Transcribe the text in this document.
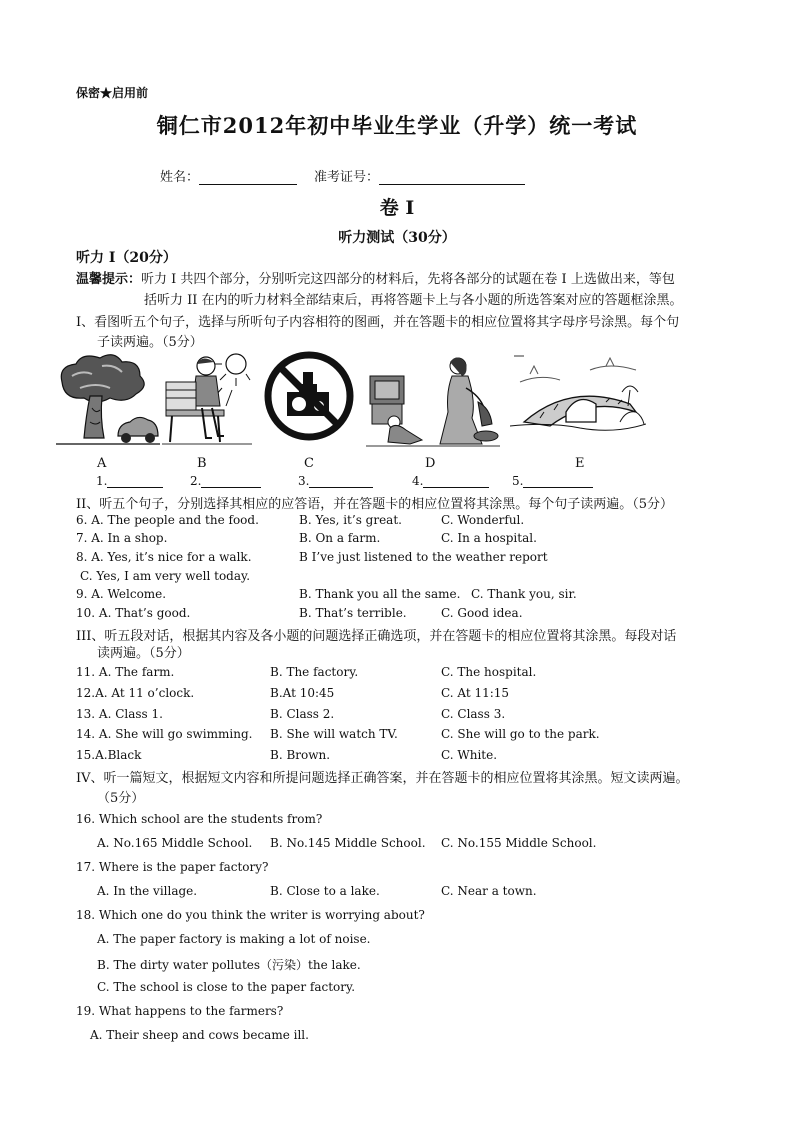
保密★启用前
铜仁市2012年初中毕业生学业（升学）统一考试
姓名：	准考证号：
卷 I
听力测试（30分）
听力 I（20分）
温馨提示：听力 I 共四个部分，分别听完这四部分的材料后，先将各部分的试题在卷 I 上选做出来，等包
括听力 II 在内的听力材料全部结束后，再将答题卡上与各小题的所选答案对应的答题框涂黑。
I、看图听五个句子，选择与所听句子内容相符的图画，并在答题卡的相应位置将其字母序号涂黑。每个句
子读两遍。（5分）
A	B	C	D	E
1.	2.	3.	4.	5.
II、听五个句子，分别选择其相应的应答语，并在答题卡的相应位置将其涂黑。每个句子读两遍。（5分）
6. A. The people and the food.	B. Yes, it’s great.	C. Wonderful.
7. A. In a shop.	B. On a farm.	C. In a hospital.
8. A. Yes, it’s nice for a walk.	B I’ve just listened to the weather report
C. Yes, I am very well today.
9. A. Welcome.	B. Thank you all the same. C. Thank you, sir.
10. A. That’s good.	B. That’s terrible.	C. Good idea.
III、听五段对话，根据其内容及各小题的问题选择正确选项，并在答题卡的相应位置将其涂黑。每段对话
读两遍。（5分）
11. A. The farm.	B. The factory.	C. The hospital.
12.A. At 11 o’clock.	B.At 10:45	C. At 11:15
13. A. Class 1.	B. Class 2.	C. Class 3.
14. A. She will go swimming. B. She will watch TV.	C. She will go to the park.
15.A.Black	B. Brown.	C. White.
IV、听一篇短文，根据短文内容和所提问题选择正确答案，并在答题卡的相应位置将其涂黑。短文读两遍。
（5分）
16. Which school are the students from?
A. No.165 Middle School. B. No.145 Middle School. C. No.155 Middle School.
17. Where is the paper factory?
A. In the village.	B. Close to a lake.	C. Near a town.
18. Which one do you think the writer is worrying about?
A. The paper factory is making a lot of noise.
B. The dirty water pollutes（污染）the lake.
C. The school is close to the paper factory.
19. What happens to the farmers?
A. Their sheep and cows became ill.
